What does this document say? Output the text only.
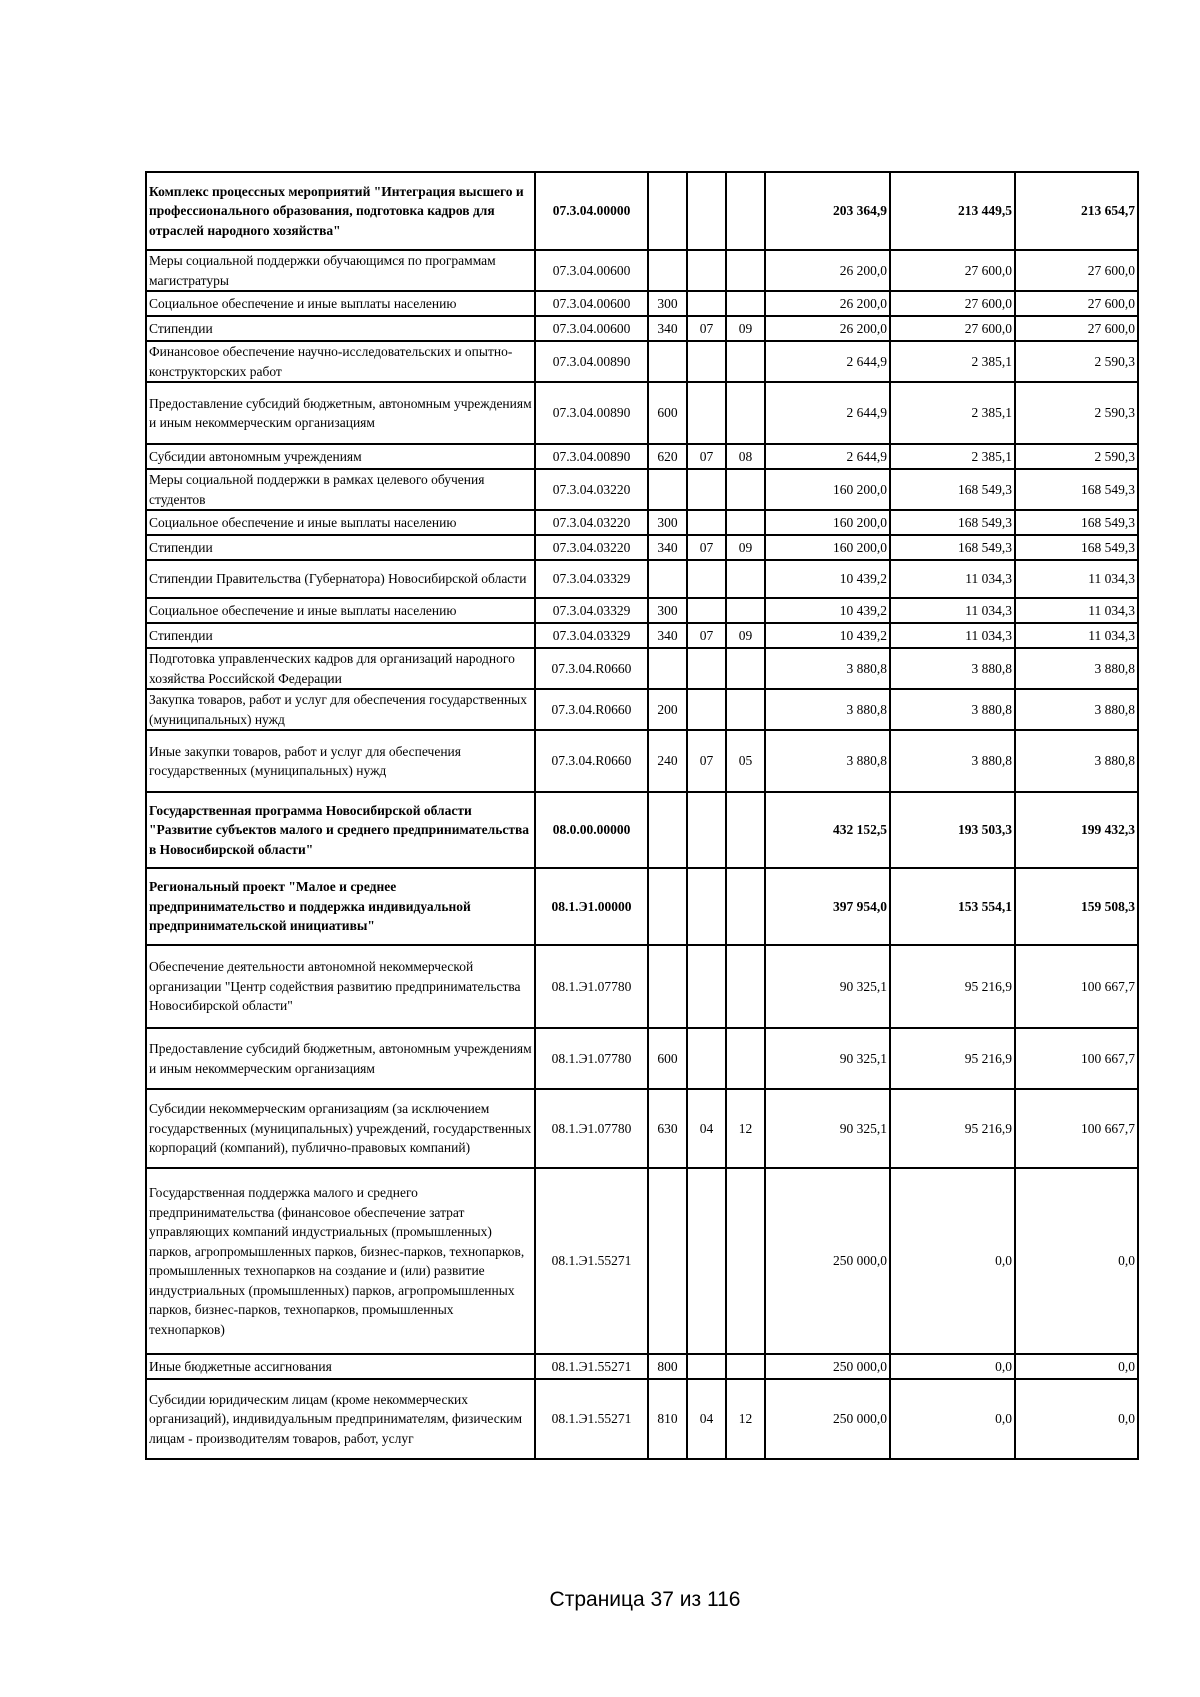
Комплекс процессных мероприятий "Интеграция высшего и профессионального образования, подготовка кадров для отраслей народного хозяйства"	07.3.04.00000				203 364,9	213 449,5	213 654,7
Меры социальной поддержки обучающимся по программам магистратуры	07.3.04.00600				26 200,0	27 600,0	27 600,0
Социальное обеспечение и иные выплаты населению	07.3.04.00600	300			26 200,0	27 600,0	27 600,0
Стипендии	07.3.04.00600	340	07	09	26 200,0	27 600,0	27 600,0
Финансовое обеспечение научно-исследовательских и опытно-конструкторских работ	07.3.04.00890				2 644,9	2 385,1	2 590,3
Предоставление субсидий бюджетным, автономным учреждениям и иным некоммерческим организациям	07.3.04.00890	600			2 644,9	2 385,1	2 590,3
Субсидии автономным учреждениям	07.3.04.00890	620	07	08	2 644,9	2 385,1	2 590,3
Меры социальной поддержки в рамках целевого обучения студентов	07.3.04.03220				160 200,0	168 549,3	168 549,3
Социальное обеспечение и иные выплаты населению	07.3.04.03220	300			160 200,0	168 549,3	168 549,3
Стипендии	07.3.04.03220	340	07	09	160 200,0	168 549,3	168 549,3
Стипендии Правительства (Губернатора) Новосибирской области	07.3.04.03329				10 439,2	11 034,3	11 034,3
Социальное обеспечение и иные выплаты населению	07.3.04.03329	300			10 439,2	11 034,3	11 034,3
Стипендии	07.3.04.03329	340	07	09	10 439,2	11 034,3	11 034,3
Подготовка управленческих кадров для организаций народного хозяйства Российской Федерации	07.3.04.R0660				3 880,8	3 880,8	3 880,8
Закупка товаров, работ и услуг для обеспечения государственных (муниципальных) нужд	07.3.04.R0660	200			3 880,8	3 880,8	3 880,8
Иные закупки товаров, работ и услуг для обеспечения государственных (муниципальных) нужд	07.3.04.R0660	240	07	05	3 880,8	3 880,8	3 880,8
Государственная программа Новосибирской области "Развитие субъектов малого и среднего предпринимательства в Новосибирской области"	08.0.00.00000				432 152,5	193 503,3	199 432,3
Региональный проект "Малое и среднее предпринимательство и поддержка индивидуальной предпринимательской инициативы"	08.1.Э1.00000				397 954,0	153 554,1	159 508,3
Обеспечение деятельности автономной некоммерческой организации "Центр содействия развитию предпринимательства Новосибирской области"	08.1.Э1.07780				90 325,1	95 216,9	100 667,7
Предоставление субсидий бюджетным, автономным учреждениям и иным некоммерческим организациям	08.1.Э1.07780	600			90 325,1	95 216,9	100 667,7
Субсидии некоммерческим организациям (за исключением государственных (муниципальных) учреждений, государственных корпораций (компаний), публично-правовых компаний)	08.1.Э1.07780	630	04	12	90 325,1	95 216,9	100 667,7
Государственная поддержка малого и среднего предпринимательства (финансовое обеспечение затрат управляющих компаний индустриальных (промышленных) парков, агропромышленных парков, бизнес-парков, технопарков, промышленных технопарков на создание и (или) развитие индустриальных (промышленных) парков, агропромышленных парков, бизнес-парков, технопарков, промышленных технопарков)	08.1.Э1.55271				250 000,0	0,0	0,0
Иные бюджетные ассигнования	08.1.Э1.55271	800			250 000,0	0,0	0,0
Субсидии юридическим лицам (кроме некоммерческих организаций), индивидуальным предпринимателям, физическим лицам - производителям товаров, работ, услуг	08.1.Э1.55271	810	04	12	250 000,0	0,0	0,0
Страница 37 из 116
